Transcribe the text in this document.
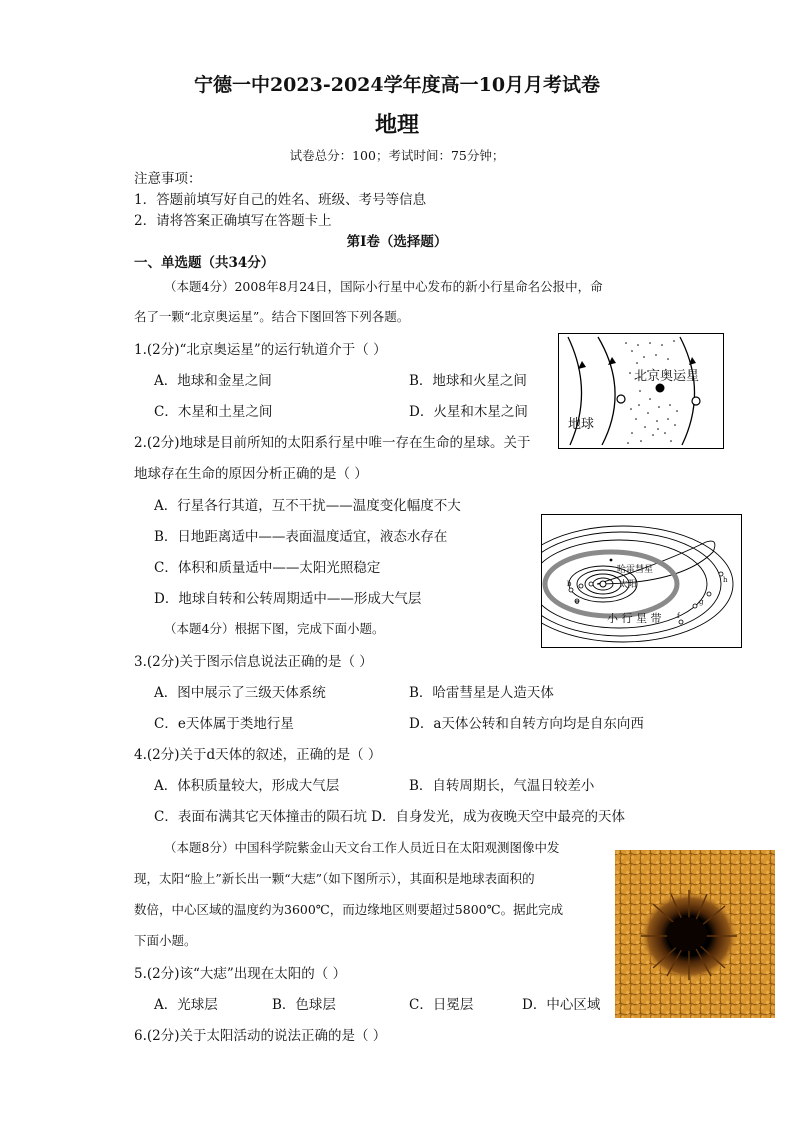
宁德一中2023-2024学年度高一10月月考试卷
地理
试卷总分：100；考试时间：75分钟；
注意事项：
1．答题前填写好自己的姓名、班级、考号等信息
2．请将答案正确填写在答题卡上
第I卷（选择题）
一、单选题（共34分）
（本题4分）2008年8月24日，国际小行星中心发布的新小行星命名公报中，命
名了一颗“北京奥运星”。结合下图回答下列各题。
北京奥运星
地球
1.(2分)“北京奥运星”的运行轨道介于（ ）
A．地球和金星之间	B．地球和火星之间
C．木星和土星之间	D．火星和木星之间
2.(2分)地球是目前所知的太阳系行星中唯一存在生命的星球。关于
地球存在生命的原因分析正确的是（ ）
A．行星各行其道，互不干扰——温度变化幅度不大
B．日地距离适中——表面温度适宜，液态水存在
C．体积和质量适中——太阳光照稳定
D．地球自转和公转周期适中——形成大气层
哈雷彗星
太阳
小 行 星 带
b
e
f
g
h
（本题4分）根据下图，完成下面小题。
3.(2分)关于图示信息说法正确的是（ ）
A．图中展示了三级天体系统	B．哈雷彗星是人造天体
C．e天体属于类地行星	D．a天体公转和自转方向均是自东向西
4.(2分)关于d天体的叙述，正确的是（ ）
A．体积质量较大，形成大气层	B．自转周期长，气温日较差小
C．表面布满其它天体撞击的陨石坑 D．自身发光，成为夜晚天空中最亮的天体
（本题8分）中国科学院紫金山天文台工作人员近日在太阳观测图像中发
现，太阳“脸上”新长出一颗“大痣”（如下图所示），其面积是地球表面积的
数倍，中心区域的温度约为3600℃，而边缘地区则要超过5800℃。据此完成
下面小题。
5.(2分)该“大痣”出现在太阳的（ ）
A．光球层	B．色球层	C．日冕层	D．中心区域
6.(2分)关于太阳活动的说法正确的是（ ）
